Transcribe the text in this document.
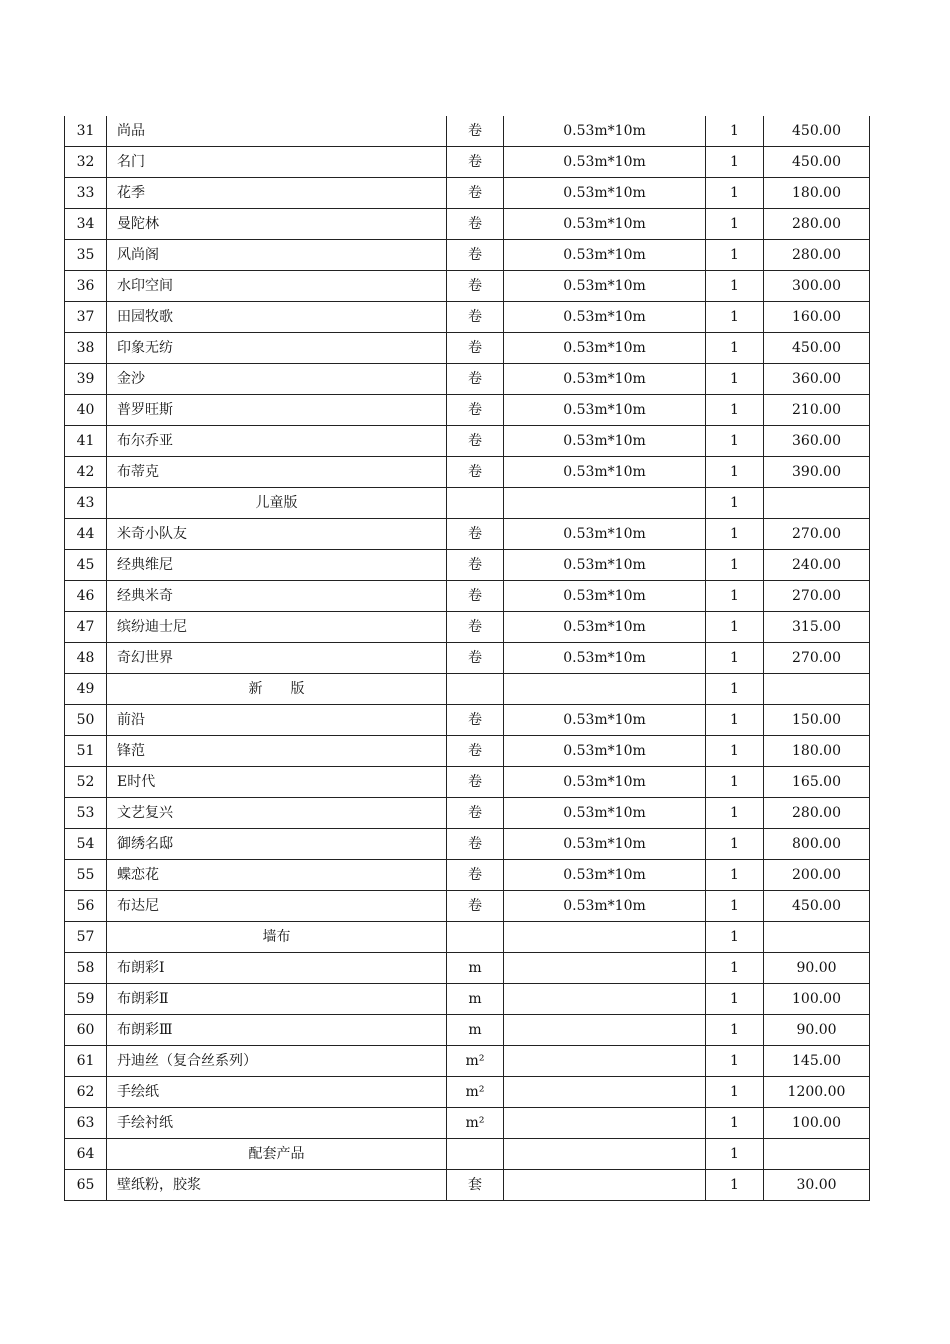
31	尚品	卷	0.53m*10m	1	450.00
32	名门	卷	0.53m*10m	1	450.00
33	花季	卷	0.53m*10m	1	180.00
34	曼陀林	卷	0.53m*10m	1	280.00
35	风尚阁	卷	0.53m*10m	1	280.00
36	水印空间	卷	0.53m*10m	1	300.00
37	田园牧歌	卷	0.53m*10m	1	160.00
38	印象无纺	卷	0.53m*10m	1	450.00
39	金沙	卷	0.53m*10m	1	360.00
40	普罗旺斯	卷	0.53m*10m	1	210.00
41	布尔乔亚	卷	0.53m*10m	1	360.00
42	布蒂克	卷	0.53m*10m	1	390.00
43	儿童版			1	
44	米奇小队友	卷	0.53m*10m	1	270.00
45	经典维尼	卷	0.53m*10m	1	240.00
46	经典米奇	卷	0.53m*10m	1	270.00
47	缤纷迪士尼	卷	0.53m*10m	1	315.00
48	奇幻世界	卷	0.53m*10m	1	270.00
49	新　　版			1	
50	前沿	卷	0.53m*10m	1	150.00
51	锋范	卷	0.53m*10m	1	180.00
52	E时代	卷	0.53m*10m	1	165.00
53	文艺复兴	卷	0.53m*10m	1	280.00
54	御绣名邸	卷	0.53m*10m	1	800.00
55	蝶恋花	卷	0.53m*10m	1	200.00
56	布达尼	卷	0.53m*10m	1	450.00
57	墙布			1	
58	布朗彩Ⅰ	m		1	90.00
59	布朗彩Ⅱ	m		1	100.00
60	布朗彩Ⅲ	m		1	90.00
61	丹迪丝（复合丝系列）	m²		1	145.00
62	手绘纸	m²		1	1200.00
63	手绘衬纸	m²		1	100.00
64	配套产品			1	
65	壁纸粉，胶浆	套		1	30.00
